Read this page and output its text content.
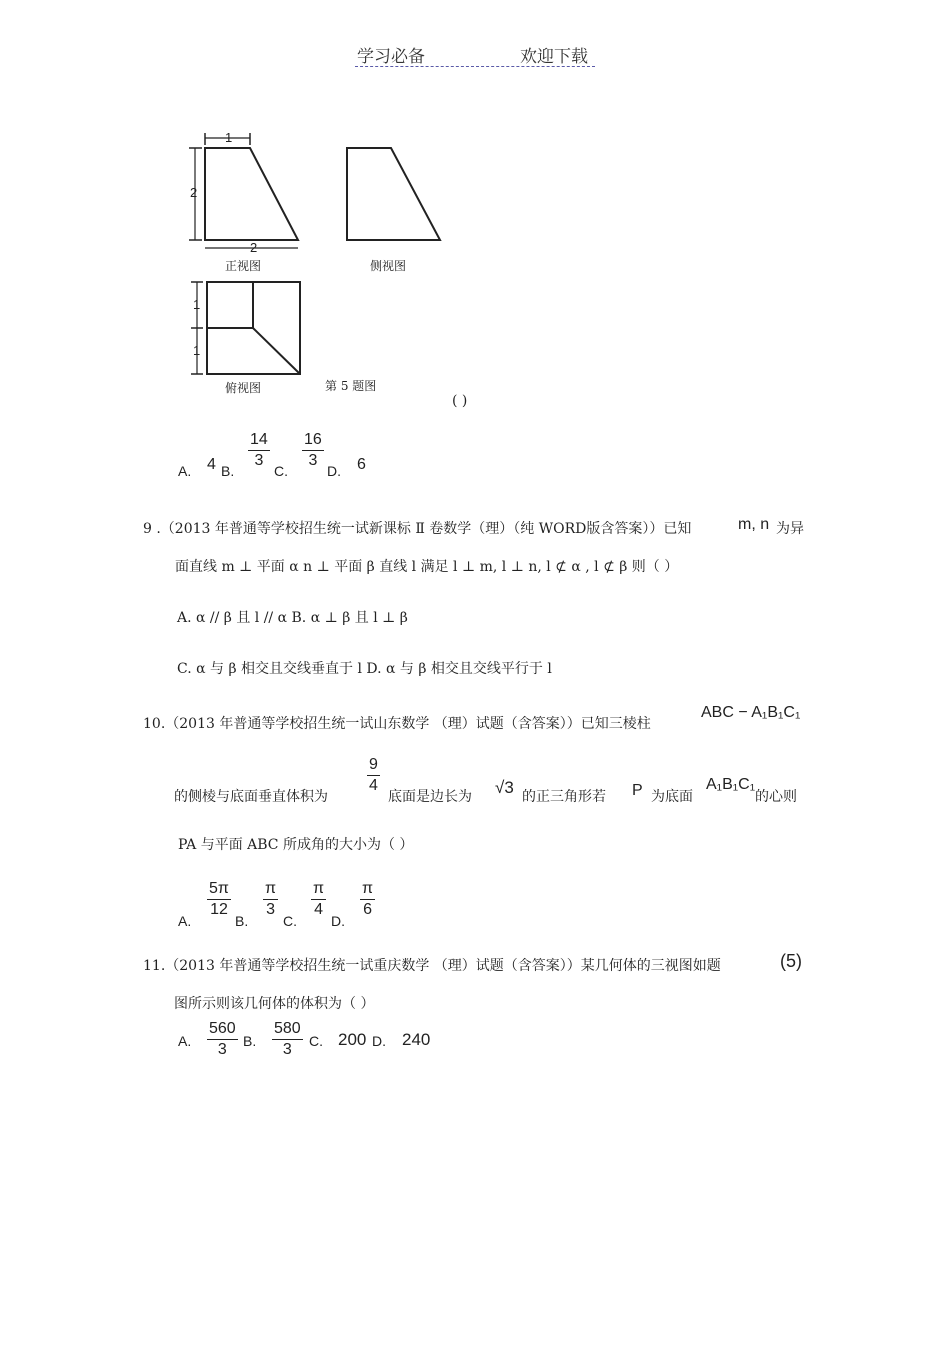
学习必备	欢迎下载
1
2
2
正视图	侧视图
1
1
俯视图	第 5 题图
( )
A. 4 B. $\frac{14}{3} C$. $\frac{16}{3} D$. 6
9 .（2013 年普通等学校招生统一试新课标 Ⅱ 卷数学（理）（纯 WORD版含答案））已知	m, n 为异
面直线 m ⊥ 平面 α n ⊥ 平面 β 直线 l 满足 l ⊥ m, l ⊥ n, l ⊄ α , l ⊄ β 则（ ）
A. α // β 且 l // α B. α ⊥ β 且 l ⊥ β
C. α 与 β 相交且交线垂直于 l D. α 与 β 相交且交线平行于 l
10.（2013 年普通等学校招生统一试山东数学 （理）试题（含答案））已知三棱柱
ABC − A₁B₁C₁
的侧棱与底面垂直体积为
$\frac{9}{4}$
底面是边长为 √3 的正三角形若 P 为底面
A₁B₁C₁
的心则
PA 与平面 ABC 所成角的大小为（ ）
A.
$\frac{5\pi}{12}$
B.
$\frac{\pi}{3}$
C.
$\frac{\pi}{4}$
D.
$\frac{\pi}{6}$
11.（2013 年普通等学校招生统一试重庆数学 （理）试题（含答案））某几何体的三视图如题	(5)
图所示则该几何体的体积为（ ）
A. $\frac{560}{3} B$. $\frac{580}{3} C$. 200 D. 240
